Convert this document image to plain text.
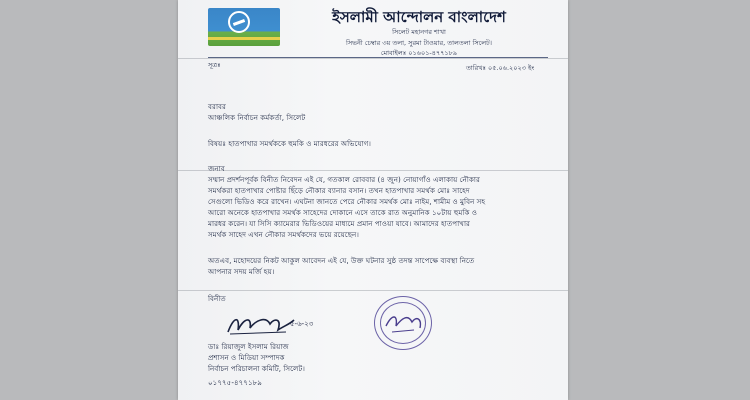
ইসলামী আন্দোলন বাংলাদেশ
সিলেট মহানগর শাখা
সিভনী চেম্বার ৩য় তলা, সুরমা টাওয়ার, তালতলা সিলেট।
মোবাইলঃ ০১৬০১-৪৭৭১৮৯
সূত্রঃ	তারিখঃ ০৫.০৬.২০২৩ ইং
বরাবর
আঞ্চলিক নির্বাচন কর্মকর্তা, সিলেট
বিষয়ঃ হাতপাখার সমর্থককে হুমকি ও মারধরের অভিযোগ।
জনাব
সম্মান প্রদর্শনপূর্বক বিনীত নিবেদন এই যে, গতকাল রোববার (৪ জুন) নোয়াগাঁও এলাকায় নৌকার
সমর্থকরা হাতপাখার পোষ্টার ছিঁড়ে নৌকার ব্যানার বসান। তখন হাতপাখার সমর্থক মোঃ সাহেদ
সেগুলো ভিডিও করে রাখেন। এঘটনা জানতে পেরে নৌকার সমর্থক মোঃ নাইম, শামীম ও মুবিন সহ
আরো অনেকে হাতপাখার সমর্থক সাহেদের দোকানে এসে তাকে রাত অনুমানিক ১০টায় হুমকি ও
মারধর করেন। যা সিসি ক্যামেরার ভিডিওয়ের মাধ্যমে প্রমান পাওয়া যাবে। আমাদের হাতপাখার
সমর্থক সাহেদ এখন নৌকার সমর্থকদের ভয়ে রয়েছেন।
অতএব, মহোদয়ের নিকট আকুল আবেদন এই যে, উক্ত ঘটনার সুষ্ঠ তদন্ত সাপেক্ষে ব্যবস্থা নিতে
আপনার সদয় মর্জি হয়।
বিনীত
৫-৬-২৩
ডাঃ রিয়াজুল ইসলাম রিয়াজ
প্রশাসন ও মিডিয়া সম্পাদক
নির্বাচন পরিচালনা কমিটি, সিলেট।
০১৭৭৫-৪৭৭১৮৯
